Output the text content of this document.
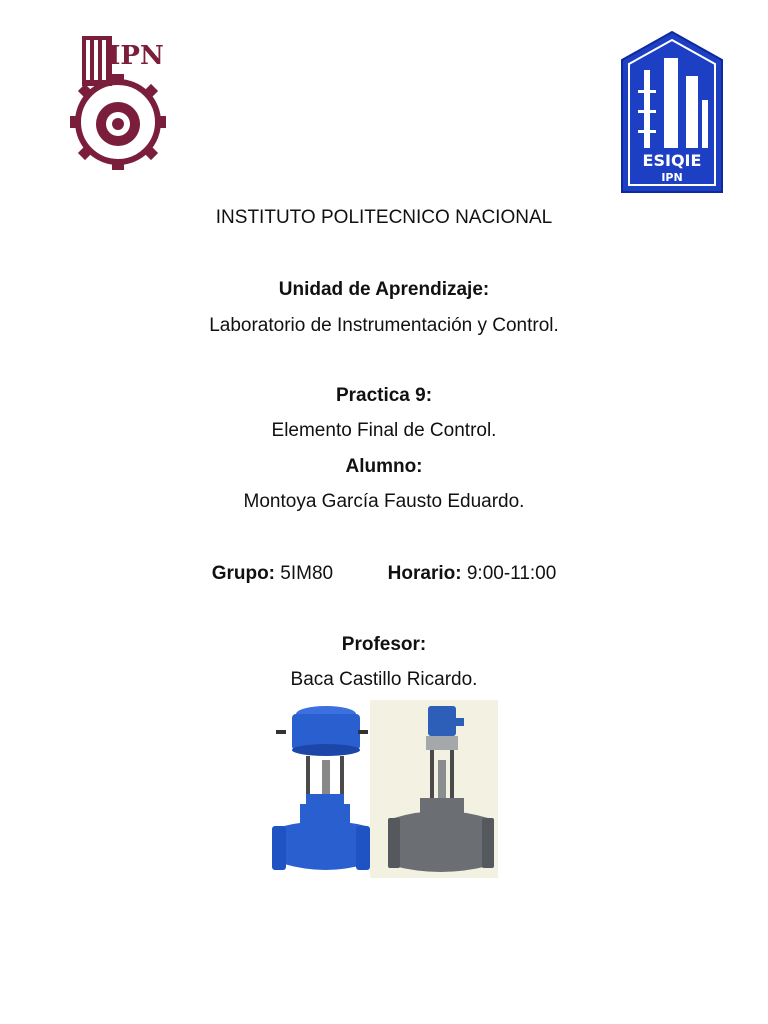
IPN
ESIQIE
IPN
INSTITUTO POLITECNICO NACIONAL
Unidad de Aprendizaje:
Laboratorio de Instrumentación y Control.
Practica 9:
Elemento Final de Control.
Alumno:
Montoya García Fausto Eduardo.
Grupo: 5IM80	Horario: 9:00-11:00
Profesor:
Baca Castillo Ricardo.
